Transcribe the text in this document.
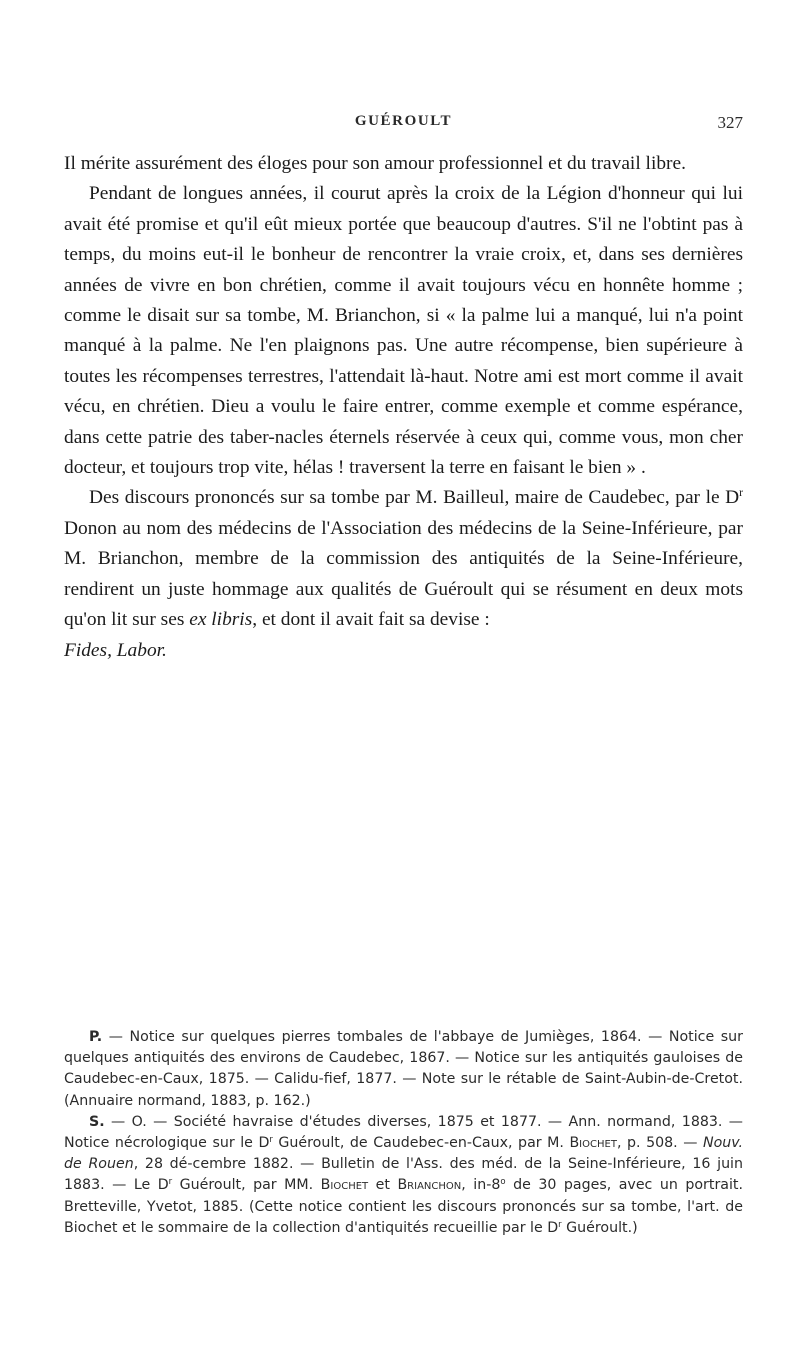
GUÉROULT	327

Il mérite assurément des éloges pour son amour professionnel et du travail libre.

Pendant de longues années, il courut après la croix de la Légion d'honneur qui lui avait été promise et qu'il eût mieux portée que beaucoup d'autres. S'il ne l'obtint pas à temps, du moins eut-il le bonheur de rencontrer la vraie croix, et, dans ses dernières années de vivre en bon chrétien, comme il avait toujours vécu en honnête homme ; comme le disait sur sa tombe, M. Brianchon, si « la palme lui a manqué, lui n'a point manqué à la palme. Ne l'en plaignons pas. Une autre récompense, bien supérieure à toutes les récompenses terrestres, l'attendait là-haut. Notre ami est mort comme il avait vécu, en chrétien. Dieu a voulu le faire entrer, comme exemple et comme espérance, dans cette patrie des taber-nacles éternels réservée à ceux qui, comme vous, mon cher docteur, et toujours trop vite, hélas ! traversent la terre en faisant le bien » .

Des discours prononcés sur sa tombe par M. Bailleul, maire de Caudebec, par le $D^r$ Donon au nom des médecins de l'Association des médecins de la Seine-Inférieure, par M. Brianchon, membre de la commission des antiquités de la Seine-Inférieure, rendirent un juste hommage aux qualités de Guéroult qui se résument en deux mots qu'on lit sur ses ex libris, et dont il avait fait sa devise :
Fides, Labor.

P. — Notice sur quelques pierres tombales de l'abbaye de Jumièges, 1864. — Notice sur quelques antiquités des environs de Caudebec, 1867. — Notice sur les antiquités gauloises de Caudebec-en-Caux, 1875. — Calidu-fief, 1877. — Note sur le rétable de Saint-Aubin-de-Cretot. (Annuaire normand, 1883, p. 162.)

S. — O. — Société havraise d'études diverses, 1875 et 1877. — Ann. normand, 1883. — Notice nécrologique sur le $D^r$ Guéroult, de Caudebec-en-Caux, par M. Biochet, p. 508. — Nouv. de Rouen, 28 dé-cembre 1882. — Bulletin de l'Ass. des méd. de la Seine-Inférieure, 16 juin 1883. — Le $D^r$ Guéroult, par MM. Biochet et Brianchon, in-8$^o$ de 30 pages, avec un portrait. Bretteville, Yvetot, 1885. (Cette notice contient les discours prononcés sur sa tombe, l'art. de Biochet et le sommaire de la collection d'antiquités recueillie par le $D^r$ Guéroult.)
